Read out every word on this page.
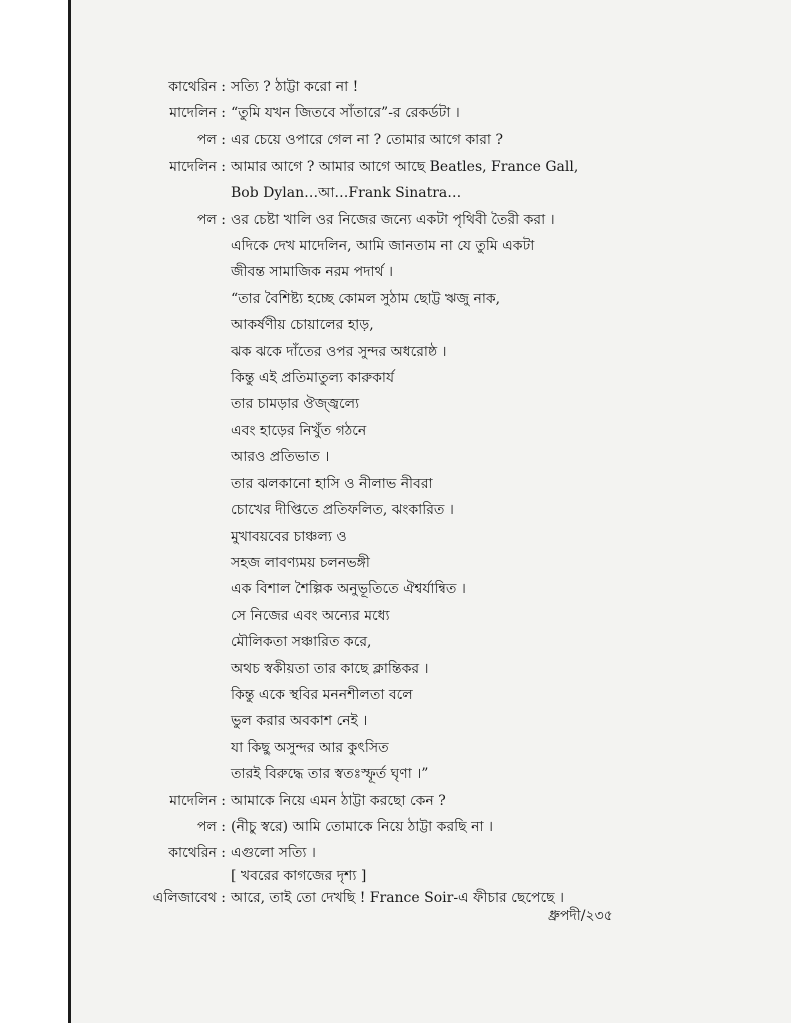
কাথেরিন : সত্যি ? ঠাট্টা করো না !
মাদেলিন : “তুমি যখন জিতবে সাঁতারে”-র রেকর্ডটা ।
পল : এর চেয়ে ওপারে গেল না ? তোমার আগে কারা ?
মাদেলিন : আমার আগে ? আমার আগে আছে Beatles, France Gall,
Bob Dylan…আ…Frank Sinatra…
পল : ওর চেষ্টা খালি ওর নিজের জন্যে একটা পৃথিবী তৈরী করা ।
এদিকে দেখ মাদেলিন, আমি জানতাম না যে তুমি একটা
জীবন্ত সামাজিক নরম পদার্থ ।
“তার বৈশিষ্ট্য হচ্ছে কোমল সুঠাম ছোট্ট ঋজু নাক,
আকর্ষণীয় চোয়ালের হাড়,
ঝক ঝকে দাঁতের ওপর সুন্দর অধরোষ্ঠ ।
কিন্তু এই প্রতিমাতুল্য কারুকার্য
তার চামড়ার ঔজ্জ্বল্যে
এবং হাড়ের নিখুঁত গঠনে
আরও প্রতিভাত ।
তার ঝলকানো হাসি ও নীলাভ নীবরা
চোখের দীপ্তিতে প্রতিফলিত, ঝংকারিত ।
মুখাবয়বের চাঞ্চল্য ও
সহজ লাবণ্যময় চলনভঙ্গী
এক বিশাল শৈল্পিক অনুভূতিতে ঐশ্বর্যান্বিত ।
সে নিজের এবং অন্যের মধ্যে
মৌলিকতা সঞ্চারিত করে,
অথচ স্বকীয়তা তার কাছে ক্লান্তিকর ।
কিন্তু একে স্থবির মননশীলতা বলে
ভুল করার অবকাশ নেই ।
যা কিছু অসুন্দর আর কুৎসিত
তারই বিরুদ্ধে তার স্বতঃস্ফূর্ত ঘৃণা ।”
মাদেলিন : আমাকে নিয়ে এমন ঠাট্টা করছো কেন ?
পল : (নীচু স্বরে) আমি তোমাকে নিয়ে ঠাট্টা করছি না ।
কাথেরিন : এগুলো সত্যি ।
[ খবরের কাগজের দৃশ্য ]
এলিজাবেথ : আরে, তাই তো দেখছি ! France Soir-এ ফীচার ছেপেছে ।
ধ্রুপদী/২৩৫
